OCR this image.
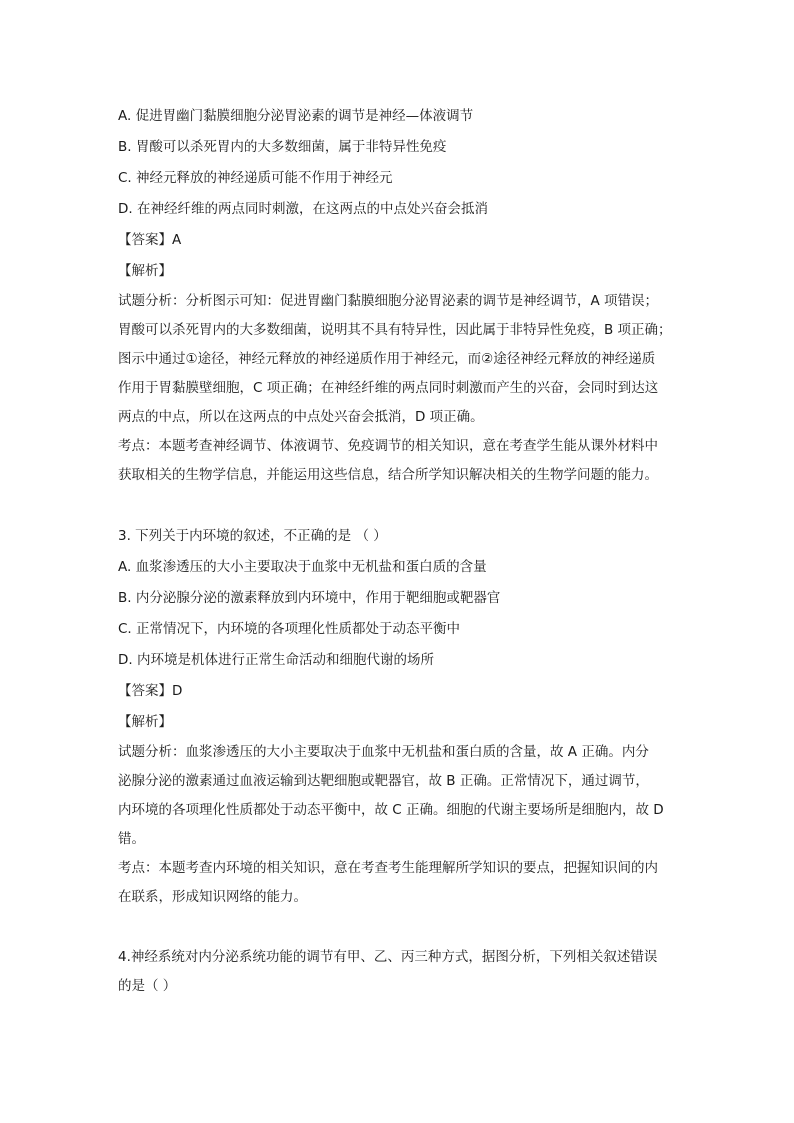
A. 促进胃幽门黏膜细胞分泌胃泌素的调节是神经—体液调节

B. 胃酸可以杀死胃内的大多数细菌，属于非特异性免疫

C. 神经元释放的神经递质可能不作用于神经元

D. 在神经纤维的两点同时刺激，在这两点的中点处兴奋会抵消

【答案】A

【解析】

试题分析：分析图示可知：促进胃幽门黏膜细胞分泌胃泌素的调节是神经调节，A 项错误；

胃酸可以杀死胃内的大多数细菌，说明其不具有特异性，因此属于非特异性免疫，B 项正确；

图示中通过①途径，神经元释放的神经递质作用于神经元，而②途径神经元释放的神经递质

作用于胃黏膜壁细胞，C 项正确；在神经纤维的两点同时刺激而产生的兴奋，会同时到达这

两点的中点，所以在这两点的中点处兴奋会抵消，D 项正确。

考点：本题考查神经调节、体液调节、免疫调节的相关知识，意在考查学生能从课外材料中

获取相关的生物学信息，并能运用这些信息，结合所学知识解决相关的生物学问题的能力。

3. 下列关于内环境的叙述，不正确的是 （ ）

A. 血浆渗透压的大小主要取决于血浆中无机盐和蛋白质的含量

B. 内分泌腺分泌的激素释放到内环境中，作用于靶细胞或靶器官

C. 正常情况下，内环境的各项理化性质都处于动态平衡中

D. 内环境是机体进行正常生命活动和细胞代谢的场所

【答案】D

【解析】

试题分析：血浆渗透压的大小主要取决于血浆中无机盐和蛋白质的含量，故 A 正确。内分

泌腺分泌的激素通过血液运输到达靶细胞或靶器官，故 B 正确。正常情况下，通过调节，

内环境的各项理化性质都处于动态平衡中，故 C 正确。细胞的代谢主要场所是细胞内，故 D

错。

考点：本题考查内环境的相关知识，意在考查考生能理解所学知识的要点，把握知识间的内

在联系，形成知识网络的能力。

4.神经系统对内分泌系统功能的调节有甲、乙、丙三种方式，据图分析，下列相关叙述错误

的是（ ）
